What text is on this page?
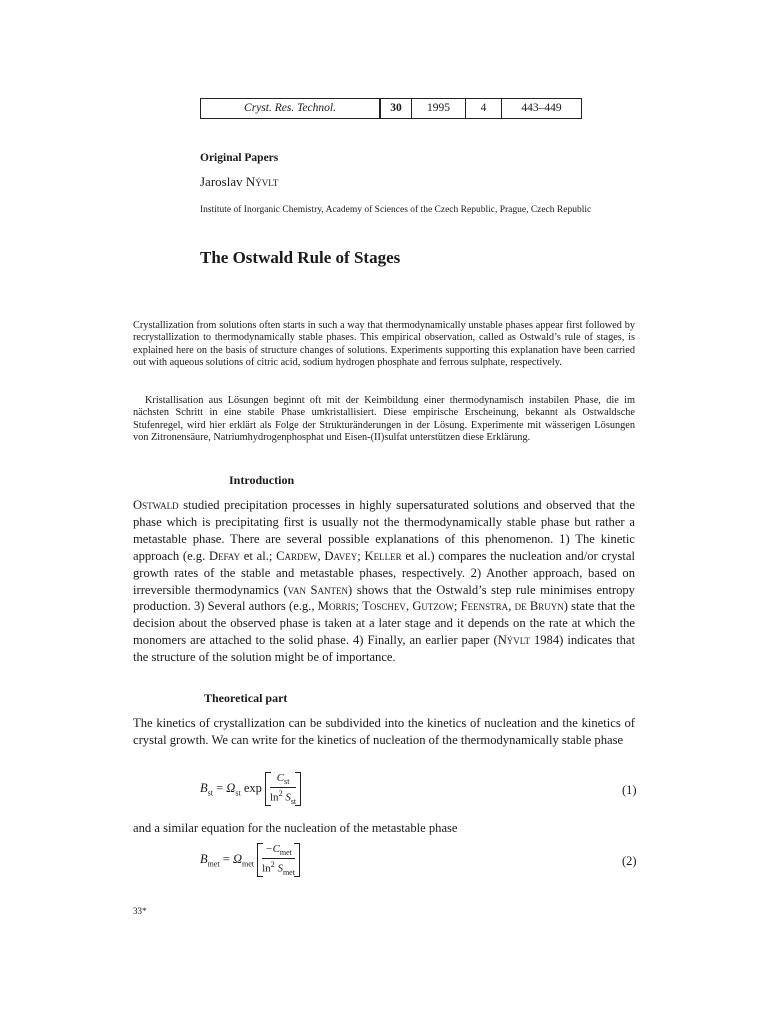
Cryst. Res. Technol.	30	1995	4	443–449
Original Papers
Jaroslav Nývlt
Institute of Inorganic Chemistry, Academy of Sciences of the Czech Republic, Prague, Czech Republic
The Ostwald Rule of Stages
Crystallization from solutions often starts in such a way that thermodynamically unstable phases appear first followed by recrystallization to thermodynamically stable phases. This empirical observation, called as Ostwald’s rule of stages, is explained here on the basis of structure changes of solutions. Experiments supporting this explanation have been carried out with aqueous solutions of citric acid, sodium hydrogen phosphate and ferrous sulphate, respectively.
Kristallisation aus Lösungen beginnt oft mit der Keimbildung einer thermodynamisch instabilen Phase, die im nächsten Schritt in eine stabile Phase umkristallisiert. Diese empirische Erscheinung, bekannt als Ostwaldsche Stufenregel, wird hier erklärt als Folge der Strukturänderungen in der Lösung. Experimente mit wässerigen Lösungen von Zitronensäure, Natriumhydrogenphosphat und Eisen-(II)sulfat unterstützen diese Erklärung.
Introduction
Ostwald studied precipitation processes in highly supersaturated solutions and observed that the phase which is precipitating first is usually not the thermodynamically stable phase but rather a metastable phase. There are several possible explanations of this phenomenon. 1) The kinetic approach (e.g. Defay et al.; Cardew, Davey; Keller et al.) compares the nucleation and/or crystal growth rates of the stable and metastable phases, respectively. 2) Another approach, based on irreversible thermodynamics (van Santen) shows that the Ostwald’s step rule minimises entropy production. 3) Several authors (e.g., Morris; Toschev, Gutzow; Feenstra, de Bruyn) state that the decision about the observed phase is taken at a later stage and it depends on the rate at which the monomers are attached to the solid phase. 4) Finally, an earlier paper (Nývlt 1984) indicates that the structure of the solution might be of importance.
Theoretical part
The kinetics of crystallization can be subdivided into the kinetics of nucleation and the kinetics of crystal growth. We can write for the kinetics of nucleation of the thermodynamically stable phase
$B_{st} = \Omega_{st}$ $\exp \frac{C_{st}}{\ln^2 S_{st}}$	(1)
and a similar equation for the nucleation of the metastable phase
$B_{met} = \Omega_{met} \frac{-C_{met}}{\ln^2 S_{met}}$	(2)
33*
